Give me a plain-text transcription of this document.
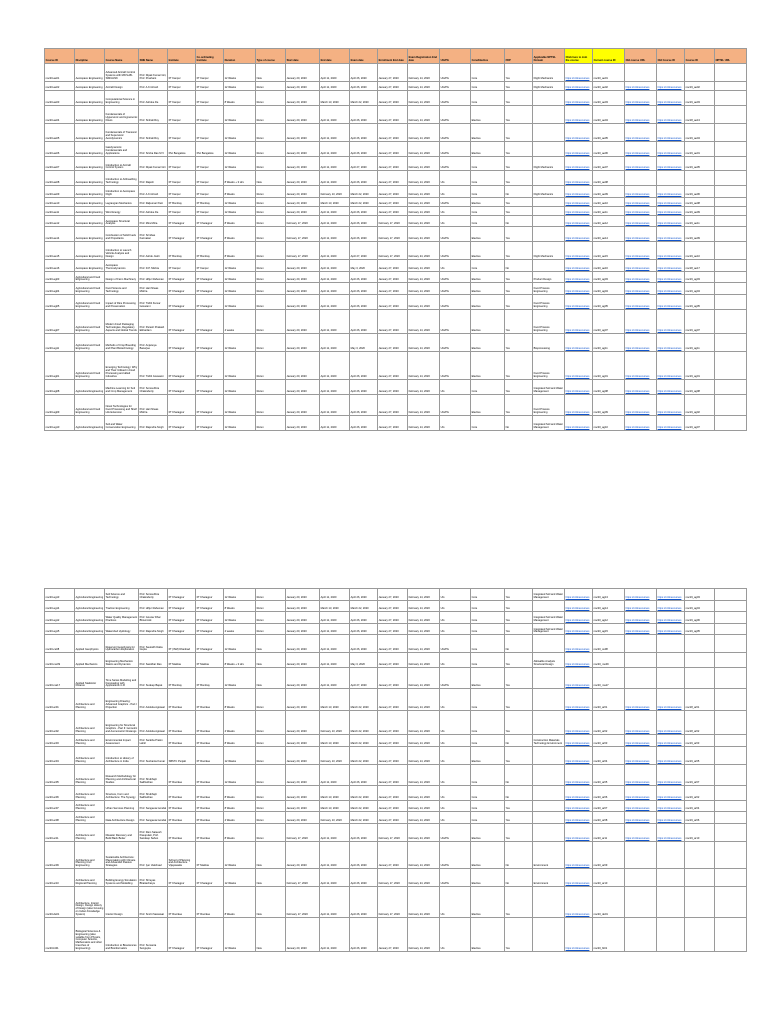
Course ID	Discipline	Course Name	SME Name	Institute	Co-ordinating Institute	Duration	Type of course	Start date	End date	Exam date	Enrollment End date	Exam Registration End date	UG/PG	Core/Elective	FDP	Applicable NPTEL Domain	Click here to Join the course	Current course ID	Old course URL	Old Course ID	Course ID	NPTEL URL
noc20-ae01	Aerospace Engineering	Advanced Aircraft Control Systems with MATLAB-SIMULINK	Prof. Dipak Kumar Giri, Prof. Prashant	IIT Kanpur	IIT Kanpur	12 Weeks	New	January 20, 2020	April 11, 2020	April 26, 2020	January 27, 2020	February 14, 2020	UG/PG	Core	Yes	Flight Mechanics	https://onlinecourses	noc20_ae01				
noc20-ae02	Aerospace Engineering	Aircraft Design	Prof. A.K.Ghosh	IIT Kanpur	IIT Kanpur	12 Weeks	Rerun	January 20, 2020	April 11, 2020	April 26, 2020	January 27, 2020	February 14, 2020	UG/PG	Core	Yes	Flight Mechanics	https://onlinecourses	noc20_ae02	https://onlinecourses	https://onlinecourses	noc19_ae02	
noc20-ae03	Aerospace Engineering	Computational Science in Engineering	Prof. Ashoke De	IIT Kanpur	IIT Kanpur	8 Weeks	Rerun	January 20, 2020	March 13, 2020	March 22, 2020	January 27, 2020	February 14, 2020	UG/PG	Core	Yes		https://onlinecourses	noc20_ae03	https://onlinecourses	https://onlinecourses	noc19_ae03	
noc20-ae04	Aerospace Engineering	Fundamentals of Hypersonic and Hypersonic Flows	Prof. Sinhali Roy	IIT Kanpur	IIT Kanpur	12 Weeks	Rerun	January 20, 2020	April 11, 2020	April 26, 2020	January 27, 2020	February 14, 2020	UG/PG	Elective	Yes		https://onlinecourses	noc20_ae04	https://onlinecourses	https://onlinecourses	noc18_ae13	
noc20-ae05	Aerospace Engineering	Fundamentals of Transonic and Supersonic Aerodynamics	Prof. Sinhali Roy	IIT Kanpur	IIT Kanpur	12 Weeks	Rerun	January 20, 2020	April 11, 2020	April 26, 2020	January 27, 2020	February 14, 2020	UG/PG	Elective	Yes		https://onlinecourses	noc20_ae05	https://onlinecourses	https://onlinecourses	noc19_ae04	
noc20-ae06	Aerospace Engineering	Gasdynamics: Fundamentals and Applications	Prof. Srisha Rao M V	IISc Bangalore	IISc Bangalore	12 Weeks	Rerun	January 20, 2020	April 11, 2020	April 26, 2020	January 27, 2020	February 14, 2020	UG/PG	Elective	Yes		https://onlinecourses	noc20_ae06	https://onlinecourses	https://onlinecourses	noc19_ae01	
noc20-ae07	Aerospace Engineering	Introduction to Aircraft Control System	Prof. Dipak Kumar Giri	IIT Kanpur	IIT Kanpur	12 Weeks	Rerun	January 20, 2020	April 11, 2020	April 27, 2020	January 27, 2020	February 14, 2020	UG/PG	Core	Yes	Flight Mechanics	https://onlinecourses	noc20_ae07	https://onlinecourses	https://onlinecourses	noc19_ae05	
noc20-ae08	Aerospace Engineering	Introduction to Airbreathing Technology	Prof. Rajesh	IIT Kanpur	IIT Kanpur	8 Weeks + 3 Hrs	New	January 20, 2020	April 11, 2020	April 26, 2020	January 27, 2020	February 14, 2020	UG	Core	Yes		https://onlinecourses	noc20_ae08				
noc20-ae09	Aerospace Engineering	Introduction to Aerospace Flight	Prof. A.K.Ghosh	IIT Kanpur	IIT Kanpur	8 Weeks	Rerun	January 20, 2020	February 13, 2020	March 22, 2020	January 27, 2020	February 14, 2020	UG	Core	No	Flight Mechanics	https://onlinecourses	noc20_ae09	https://onlinecourses	https://onlinecourses	noc19_ae06	
noc20-ae10	Aerospace Engineering	Lagrangian Mechanics	Prof. Rajkumar Pant	IIT Bombay	IIT Bombay	12 Weeks	Rerun	January 20, 2020	March 13, 2020	March 22, 2020	January 27, 2020	February 14, 2020	UG/PG	Elective	Yes		https://onlinecourses	noc20_ae10	https://onlinecourses	https://onlinecourses	noc19_ae08	
noc20-ae11	Aerospace Engineering	Wind Energy	Prof. Ashoke De	IIT Kanpur	IIT Kanpur	12 Weeks	Rerun	January 20, 2020	April 11, 2020	April 26, 2020	January 27, 2020	February 14, 2020	UG	Core	Yes		https://onlinecourses	noc20_ae11	https://onlinecourses	https://onlinecourses	noc19_ae09	
noc20-ae12	Aerospace Engineering	Aerospace Structural Analysis	Prof. Mira Mitra	IIT Kharagpur	IIT Kharagpur	8 Weeks	Rerun	February 17, 2020	April 11, 2020	April 26, 2020	February 17, 2020	February 24, 2020	UG	Core	No		https://onlinecourses	noc20_ae12	https://onlinecourses	https://onlinecourses	noc19_ae11	
noc20-ae14	Aerospace Engineering	Combustion of Solid Fuels and Propellants	Prof. Srinibas Karmakar	IIT Kharagpur	IIT Kharagpur	8 Weeks	Rerun	February 17, 2020	April 11, 2020	April 26, 2020	February 17, 2020	February 24, 2020	UG/PG	Elective	Yes		https://onlinecourses	noc20_ae14	https://onlinecourses	https://onlinecourses	noc19_ae09	
noc20-ae15	Aerospace Engineering	Introduction to Launch Vehicle Analysis and Design	Prof. Ashok Joshi	IIT Bombay	IIT Bombay	8 Weeks	Rerun	February 17, 2020	April 11, 2020	April 27, 2020	February 17, 2020	February 24, 2020	UG/PG	Elective	Yes	Flight Mechanics	https://onlinecourses	noc20_ae15	https://onlinecourses	https://onlinecourses	noc19_ae10	
noc20-ae16	Aerospace Engineering	Aerospace Thermodynamics	Prof. D.P. Mishra	IIT Kanpur	IIT Kanpur	12 Weeks	Rerun	January 20, 2020	April 11, 2020	May 3, 2020	January 27, 2020	February 14, 2020	UG	Core	No		https://onlinecourses	noc20_ae16	https://onlinecourses	https://onlinecourses	noc18_ae17	
noc20-ag03	Agricultural and Food Engineering	Design of Farm Machinery	Prof. Hifjur Raheman	IIT Kharagpur	IIT Kharagpur	12 Weeks	Rerun	January 20, 2020	April 11, 2020	April 26, 2020	January 27, 2020	February 14, 2020	UG/PG	Elective	Yes	Product Design	https://onlinecourses	noc20_ag03	https://onlinecourses	https://onlinecourses	noc19_ag03	
noc20-ag04	Agricultural and Food Engineering	Food Science and Technology	Prof. Hari Niwas Mishra	IIT Kharagpur	IIT Kharagpur	12 Weeks	Rerun	January 20, 2020	April 11, 2020	April 26, 2020	January 27, 2020	February 14, 2020	UG/PG	Elective	Yes	Food Process Engineering	https://onlinecourses	noc20_ag04	https://onlinecourses	https://onlinecourses	noc19_ag04	
noc20-ag05	Agricultural and Food Engineering	Impact of Rice Processing and Preservation	Prof. Tridib Kumar Goswami	IIT Kharagpur	IIT Kharagpur	12 Weeks	Rerun	January 20, 2020	April 11, 2020	April 26, 2020	January 27, 2020	February 14, 2020	UG/PG	Elective	Yes	Food Process Engineering	https://onlinecourses	noc20_ag05	https://onlinecourses	https://onlinecourses	noc19_ag05	
noc20-ag07	Agricultural and Food Engineering	Modern Food Packaging Technologies, Regulatory Aspects and Global Trends	Prof. Paresh Prakash Ekhardam	IIT Kharagpur	IIT Kharagpur	4 weeks	Rerun	January 20, 2020	April 11, 2020	April 26, 2020	January 27, 2020	February 14, 2020	UG/PG	Elective	Yes	Food Process Engineering	https://onlinecourses	noc20_ag07	https://onlinecourses	https://onlinecourses	noc19_ag07	
noc20-ag11	Agricultural and Food Engineering	Methods of Crop Breeding and Plant Biotechnology	Prof. Anjaneya Banerjee	IIT Kharagpur	IIT Kharagpur	12 Weeks	Rerun	January 20, 2020	April 11, 2020	May 3, 2020	January 27, 2020	February 14, 2020	UG/PG	Elective	Yes	Bioprocessing	https://onlinecourses	noc20_ag11	https://onlinecourses	https://onlinecourses	noc19_ag11	
noc20-ag01	Agricultural and Food Engineering	Emerging Technology: Why and Their Utilised in Food Processing and allied Industries	Prof. Tridib Goswami	IIT Kharagpur	IIT Kharagpur	12 Weeks	Rerun	January 20, 2020	April 11, 2020	April 26, 2020	January 27, 2020	February 14, 2020	UG/PG	Elective	Yes	Food Process Engineering	https://onlinecourses	noc20_ag01	https://onlinecourses	https://onlinecourses	noc19_ag01	
noc20-ag08	Agricultural Engineering	Machine Learning for Soil and Crop Management	Prof. Somsubhra Chakraborty	IIT Kharagpur	IIT Kharagpur	12 Weeks	Rerun	January 20, 2020	April 11, 2020	April 26, 2020	January 27, 2020	February 14, 2020	UG	Core	Yes	Integrated Soil and Water Management	https://onlinecourses	noc20_ag08	https://onlinecourses	https://onlinecourses	noc19_ag08	
noc20-ag09	Agricultural and Food Engineering	Novel Technologies for Food Processing and Shelf Life Extension	Prof. Hari Niwas Mishra	IIT Kharagpur	IIT Kharagpur	12 Weeks	Rerun	January 20, 2020	April 11, 2020	April 26, 2020	January 27, 2020	February 14, 2020	UG/PG	Elective	Yes	Food Process Engineering	https://onlinecourses	noc20_ag09	https://onlinecourses	https://onlinecourses	noc19_ag02	
noc20-ag10	Agricultural Engineering	Soil and Water Conservation Engineering	Prof. Rajendra Singh	IIT Kharagpur	IIT Kharagpur	12 Weeks	Rerun	January 20, 2020	April 11, 2020	April 26, 2020	January 27, 2020	February 14, 2020	UG	Core	No	Integrated Soil and Water Management	https://onlinecourses	noc20_ag10	https://onlinecourses	https://onlinecourses	noc19_ag07	
noc20-ag13	Agricultural Engineering	Soil Science and Technology	Prof. Somsubhra Chakraborty	IIT Kharagpur	IIT Kharagpur	12 Weeks	Rerun	January 20, 2020	April 11, 2020	April 26, 2020	January 27, 2020	February 14, 2020	UG	Core	Yes	Integrated Soil and Water Management	https://onlinecourses	noc20_ag13	https://onlinecourses	https://onlinecourses	noc19_ag03	
noc20-ag14	Agricultural Engineering	Traction Engineering	Prof. Hifjur Raheman	IIT Kharagpur	IIT Kharagpur	8 Weeks	Rerun	January 20, 2020	March 13, 2020	March 22, 2020	January 27, 2020	February 14, 2020	UG	Core	Yes		https://onlinecourses	noc20_ag14	https://onlinecourses	https://onlinecourses	noc19_ag04	
noc20-ag12	Agricultural Engineering	Water Quality Management Practices	Prof. Gourav Dhar Bhowmick	IIT Kharagpur	IIT Kharagpur	12 Weeks	Rerun	January 20, 2020	April 11, 2020	April 26, 2020	January 27, 2020	February 14, 2020	UG	Core	Yes	Integrated Soil and Water Management	https://onlinecourses	noc20_ag12	https://onlinecourses	https://onlinecourses	noc19_ag06	
noc20-ag15	Agricultural Engineering	Watershed Hydrology	Prof. Rajendra Singh	IIT Kharagpur	IIT Kharagpur	4 weeks	Rerun	January 20, 2020	April 11, 2020	April 26, 2020	January 27, 2020	February 14, 2020	UG	Core	Yes	Integrated Soil and Water Management	https://onlinecourses	noc20_ag15	https://onlinecourses	https://onlinecourses	noc19_ag05	
noc20-ce08	Applied Geophysics	Reservoir Geophysics for Hydrocarbon Exploration	Prof. Saurabh Datta Gupta	IIT (ISM) Dhanbad	IIT Kharagpur	12 Weeks	New	January 20, 2020	April 11, 2020	April 26, 2020	January 27, 2020	February 14, 2020	UG/PG	Core	No		https://onlinecourses	noc20_ce08				
noc20-me09	Applied Mechanics	Engineering Mechanics: Statics and Dynamics	Prof. Sasidhar Rao	IIT Madras	IIT Madras	8 Weeks + 3 Hrs	New	January 20, 2020	April 11, 2020	May 3, 2020	January 27, 2020	February 14, 2020	UG	Core	Yes	Allowable Analysis Structural Design	https://onlinecourses	noc20_me09				
noc20-ma17	Applied Statistics/ Finance	Time Series Modelling and Forecasting with Applications in R	Prof. Sudeep Bapat	IIT Bombay	IIT Bombay	12 Weeks	New	January 20, 2020	April 11, 2020	April 27, 2020	January 27, 2020	February 14, 2020	UG/PG	Elective	Yes		https://onlinecourses	noc20_ma17				
noc20-ar01	Architecture and Planning	Engineering Drawing: Advanced Graphics - Part I Projection	Prof. Avlokita Agrawal	IIT Roorkee	IIT Roorkee	8 Weeks	Rerun	January 20, 2020	March 13, 2020	March 22, 2020	January 27, 2020	February 14, 2020	UG	Core	Yes		https://onlinecourses	noc20_ar01	https://onlinecourses	https://onlinecourses	noc18_ar01	
noc20-ar02	Architecture and Planning	Engineering for Structural Graphics - Part II: Isometric and Axonometric Drawings	Prof. Avlokita Agrawal	IIT Roorkee	IIT Roorkee	4 Weeks	Rerun	January 20, 2020	February 13, 2020	March 22, 2020	January 27, 2020	February 14, 2020	UG	Core	Yes		https://onlinecourses	noc20_ar02	https://onlinecourses	https://onlinecourses	noc18_ar02	
noc20-ar03	Architecture and Planning	Environmental Impact Assessment	Prof. Sankha Pratim Lahiri	IIT Roorkee	IIT Roorkee	8 Weeks	Rerun	January 20, 2020	March 13, 2020	March 22, 2020	January 27, 2020	February 14, 2020	UG	Core	No	Construction Materials Technology Environment	https://onlinecourses	noc20_ar03	https://onlinecourses	https://onlinecourses	noc19_ar03	
noc20-ar04	Architecture and Planning	Introduction to History of Architecture in India	Prof. Sushanta Kumar	SBSTC Punjab	IIT Roorkee	12 Weeks	Rerun	January 20, 2020	February 13, 2020	March 22, 2020	January 27, 2020	February 14, 2020	UG	Elective	Yes		https://onlinecourses	noc20_ar04	https://onlinecourses	https://onlinecourses	noc19_ar05	
noc20-ar05	Architecture and Planning	Research Methodology for Planning and Architectural Studies	Prof. Shubhajit Sadhukhan	IIT Roorkee	IIT Roorkee	12 Weeks	Rerun	January 20, 2020	April 11, 2020	April 26, 2020	January 27, 2020	February 14, 2020	UG	Core	No		https://onlinecourses	noc20_ar05	https://onlinecourses	https://onlinecourses	noc19_ar07	
noc20-ar06	Architecture and Planning	Structure, Form and Architecture: The Synergy	Prof. Shubhajit Sadhukhan	IIT Roorkee	IIT Roorkee	8 Weeks	Rerun	January 20, 2020	March 13, 2020	March 22, 2020	January 27, 2020	February 14, 2020	UG	Core	No		https://onlinecourses	noc20_ar06	https://onlinecourses	https://onlinecourses	noc19_ar02	
noc20-ar07	Architecture and Planning	Urban Services Planning	Prof. Sangeeta Gondal	IIT Roorkee	IIT Roorkee	8 Weeks	Rerun	January 20, 2020	March 13, 2020	March 22, 2020	January 27, 2020	February 14, 2020	UG	Core	Yes		https://onlinecourses	noc20_ar07	https://onlinecourses	https://onlinecourses	noc19_ar04	
noc20-ar08	Architecture and Planning	Data Architecture Design	Prof. Sangeeta Gondal	IIT Roorkee	IIT Roorkee	4 Weeks	Rerun	January 20, 2020	February 13, 2020	March 22, 2020	January 27, 2020	February 14, 2020	UG	Core	Yes		https://onlinecourses	noc20_ar08	https://onlinecourses	https://onlinecourses	noc19_ar06	
noc20-ar11	Architecture and Planning	Disaster Recovery and Build Back Better	Prof. Ram Sateesh Pasupuleti, Prof. Sandeep Sahoo	IIT Roorkee	IIT Roorkee	8 Weeks	Rerun	February 17, 2020	April 11, 2020	April 26, 2020	February 17, 2020	February 24, 2020	UG/PG	Elective	Yes		https://onlinecourses	noc20_ar11	https://onlinecourses	https://onlinecourses	noc19_ar10	
noc20-ar09	Architecture and Planning Civil Engineering	Sustainable Architecture: Placemaking with Climate and Advanced Passive Strategies	Prof. Iyer Vaishnavi	School of Planning and Architecture Vijayawada	IIT Madras	12 Weeks	New	January 20, 2020	April 11, 2020	April 26, 2020	January 27, 2020	February 14, 2020	UG/PG	Elective	No	Environment	https://onlinecourses	noc20_ar09				
noc20-ar10	Architecture and Regional Planning	Building Energy Simulation Systems and Modelling	Prof. Shreyas Bhattacharya	IIT Kharagpur	IIT Kharagpur	12 Weeks	New	February 17, 2020	April 11, 2020	April 26, 2020	February 17, 2020	February 24, 2020	UG/PG	Elective	No	Environment	https://onlinecourses	noc20_ar10				
noc20-de01	Architecture, Interior Design, Design History of Design (also focusing on Indian Knowledge System)	Interior Design	Prof. Smriti Saraswat	IIT Roorkee	IIT Roorkee	8 Weeks	New	February 17, 2020	April 11, 2020	April 26, 2020	February 17, 2020	February 24, 2020	UG	Elective	Yes		https://onlinecourses	noc20_de01				
noc20-bt01	Biological Sciences & Engineering (also suitable from Physics, Computer Science, Mathematics and other branches of Engineering)	Introduction to Biosciences and Bioinformatics	Prof. Sumanta Sengupta	IIT Kharagpur	IIT Kharagpur	12 Weeks	New	January 20, 2020	April 11, 2020	April 26, 2020	January 27, 2020	February 14, 2020	UG	Elective	Yes		https://onlinecourses	noc20_bt01				
